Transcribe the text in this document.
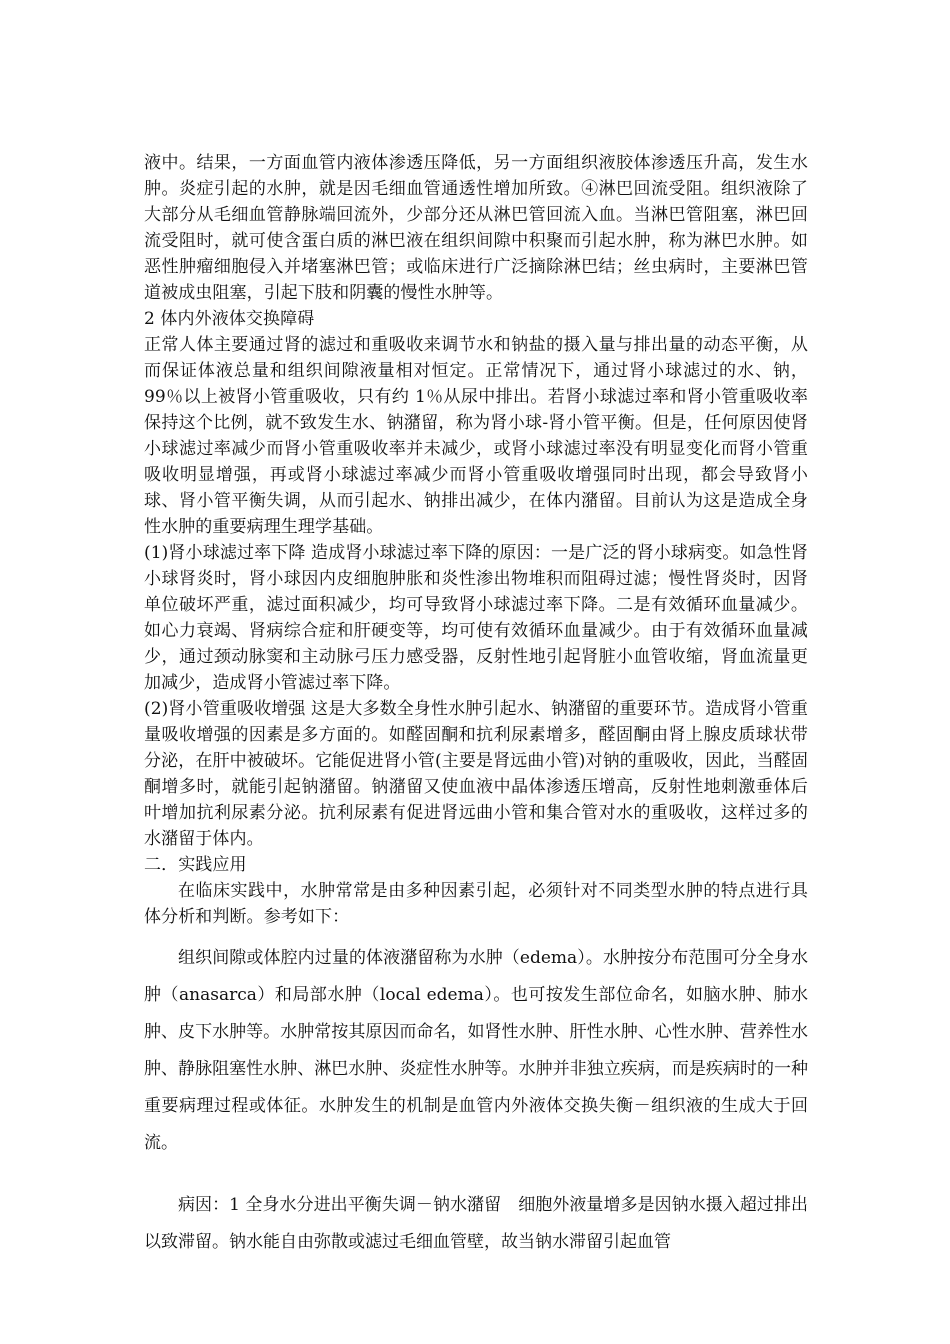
液中。结果，一方面血管内液体渗透压降低，另一方面组织液胶体渗透压升高，发生水肿。炎症引起的水肿，就是因毛细血管通透性增加所致。④淋巴回流受阻。组织液除了大部分从毛细血管静脉端回流外，少部分还从淋巴管回流入血。当淋巴管阻塞，淋巴回流受阻时，就可使含蛋白质的淋巴液在组织间隙中积聚而引起水肿，称为淋巴水肿。如恶性肿瘤细胞侵入并堵塞淋巴管；或临床进行广泛摘除淋巴结；丝虫病时，主要淋巴管道被成虫阻塞，引起下肢和阴囊的慢性水肿等。

2 体内外液体交换障碍

正常人体主要通过肾的滤过和重吸收来调节水和钠盐的摄入量与排出量的动态平衡，从而保证体液总量和组织间隙液量相对恒定。正常情况下，通过肾小球滤过的水、钠，99％以上被肾小管重吸收，只有约 1％从尿中排出。若肾小球滤过率和肾小管重吸收率保持这个比例，就不致发生水、钠潴留，称为肾小球-肾小管平衡。但是，任何原因使肾小球滤过率减少而肾小管重吸收率并未减少，或肾小球滤过率没有明显变化而肾小管重吸收明显增强，再或肾小球滤过率减少而肾小管重吸收增强同时出现，都会导致肾小球、肾小管平衡失调，从而引起水、钠排出减少，在体内潴留。目前认为这是造成全身性水肿的重要病理生理学基础。

(1)肾小球滤过率下降 造成肾小球滤过率下降的原因：一是广泛的肾小球病变。如急性肾小球肾炎时，肾小球因内皮细胞肿胀和炎性渗出物堆积而阻碍过滤；慢性肾炎时，因肾单位破坏严重，滤过面积减少，均可导致肾小球滤过率下降。二是有效循环血量减少。如心力衰竭、肾病综合症和肝硬变等，均可使有效循环血量减少。由于有效循环血量减少，通过颈动脉窦和主动脉弓压力感受器，反射性地引起肾脏小血管收缩，肾血流量更加减少，造成肾小管滤过率下降。

(2)肾小管重吸收增强 这是大多数全身性水肿引起水、钠潴留的重要环节。造成肾小管重量吸收增强的因素是多方面的。如醛固酮和抗利尿素增多，醛固酮由肾上腺皮质球状带分泌，在肝中被破坏。它能促进肾小管(主要是肾远曲小管)对钠的重吸收，因此，当醛固酮增多时，就能引起钠潴留。钠潴留又使血液中晶体渗透压增高，反射性地刺激垂体后叶增加抗利尿素分泌。抗利尿素有促进肾远曲小管和集合管对水的重吸收，这样过多的水潴留于体内。

二．实践应用

在临床实践中，水肿常常是由多种因素引起，必须针对不同类型水肿的特点进行具体分析和判断。参考如下：

组织间隙或体腔内过量的体液潴留称为水肿（edema）。水肿按分布范围可分全身水肿（anasarca）和局部水肿（local edema）。也可按发生部位命名，如脑水肿、肺水肿、皮下水肿等。水肿常按其原因而命名，如肾性水肿、肝性水肿、心性水肿、营养性水肿、静脉阻塞性水肿、淋巴水肿、炎症性水肿等。水肿并非独立疾病，而是疾病时的一种重要病理过程或体征。水肿发生的机制是血管内外液体交换失衡－组织液的生成大于回流。

病因：1 全身水分进出平衡失调－钠水潴留　细胞外液量增多是因钠水摄入超过排出以致滞留。钠水能自由弥散或滤过毛细血管壁，故当钠水滞留引起血管
